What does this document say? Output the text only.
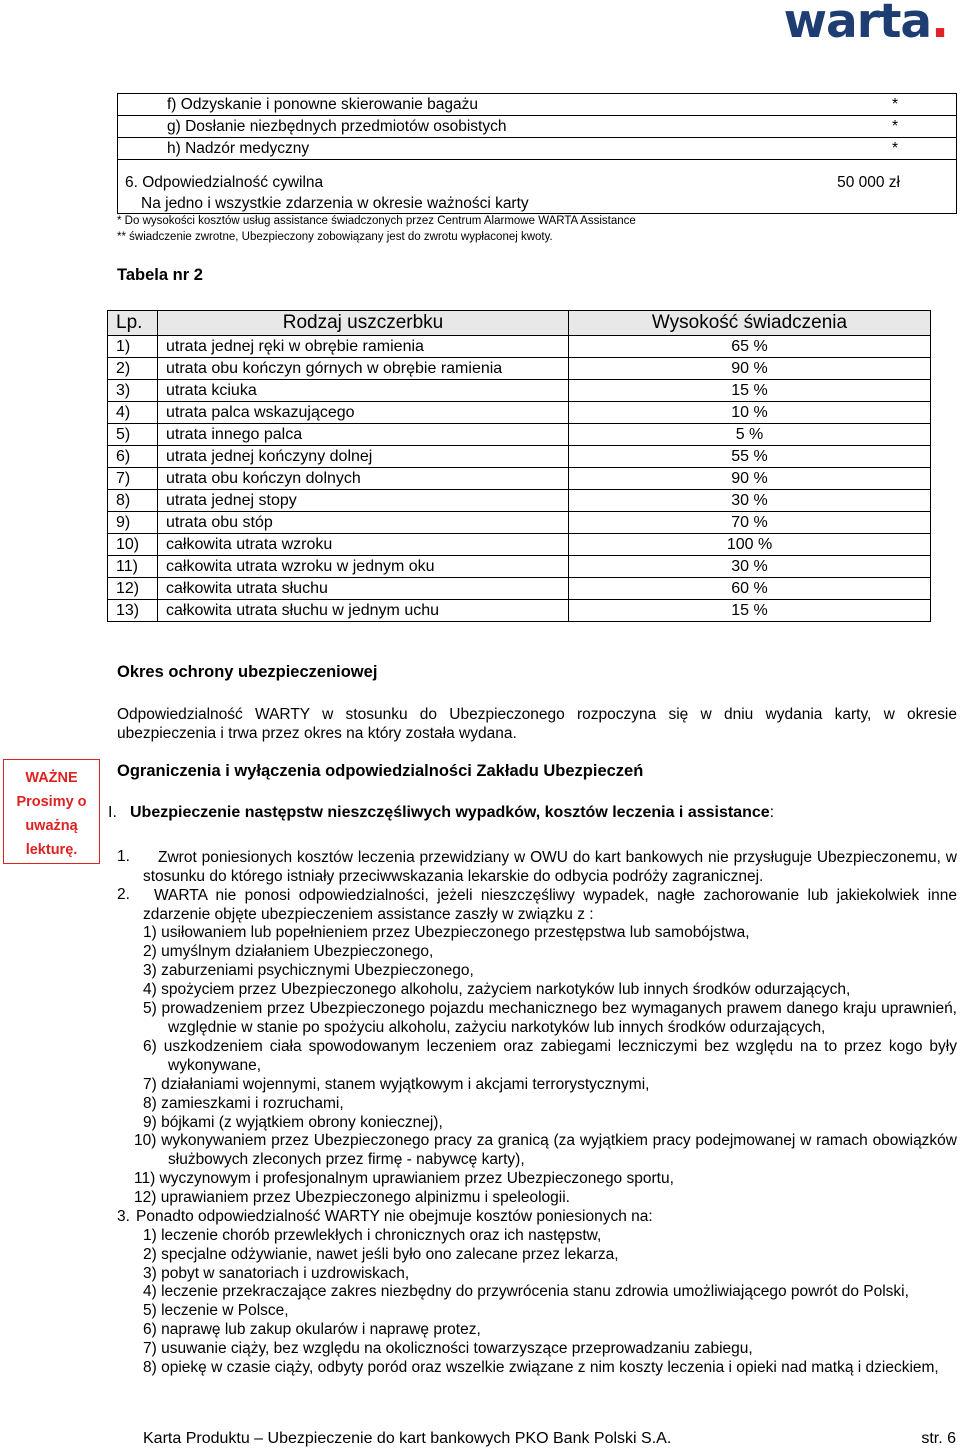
warta.
f) Odzyskanie i ponowne skierowanie bagażu	*
g) Dosłanie niezbędnych przedmiotów osobistych	*
h) Nadzór medyczny	*
6. Odpowiedzialność cywilna	50 000 zł
Na jedno i wszystkie zdarzenia w okresie ważności karty
* Do wysokości kosztów usług assistance świadczonych przez Centrum Alarmowe WARTA Assistance
** świadczenie zwrotne, Ubezpieczony zobowiązany jest do zwrotu wypłaconej kwoty.
Tabela nr 2
Lp.	Rodzaj uszczerbku	Wysokość świadczenia
1)	utrata jednej ręki w obrębie ramienia	65 %
2)	utrata obu kończyn górnych w obrębie ramienia	90 %
3)	utrata kciuka	15 %
4)	utrata palca wskazującego	10 %
5)	utrata innego palca	5 %
6)	utrata jednej kończyny dolnej	55 %
7)	utrata obu kończyn dolnych	90 %
8)	utrata jednej stopy	30 %
9)	utrata obu stóp	70 %
10)	całkowita utrata wzroku	100 %
11)	całkowita utrata wzroku w jednym oku	30 %
12)	całkowita utrata słuchu	60 %
13)	całkowita utrata słuchu w jednym uchu	15 %
Okres ochrony ubezpieczeniowej
Odpowiedzialność WARTY w stosunku do Ubezpieczonego rozpoczyna się w dniu wydania karty, w okresie ubezpieczenia i trwa przez okres na który została wydana.
WAŻNE
Prosimy o
uważną
lekturę.
Ograniczenia i wyłączenia odpowiedzialności Zakładu Ubezpieczeń
I. Ubezpieczenie następstw nieszczęśliwych wypadków, kosztów leczenia i assistance:
1.	Zwrot poniesionych kosztów leczenia przewidziany w OWU do kart bankowych nie przysługuje Ubezpieczonemu, w stosunku do którego istniały przeciwwskazania lekarskie do odbycia podróży zagranicznej.
2.	WARTA nie ponosi odpowiedzialności, jeżeli nieszczęśliwy wypadek, nagłe zachorowanie lub jakiekolwiek inne zdarzenie objęte ubezpieczeniem assistance zaszły w związku z :
1) usiłowaniem lub popełnieniem przez Ubezpieczonego przestępstwa lub samobójstwa,
2) umyślnym działaniem Ubezpieczonego,
3) zaburzeniami psychicznymi Ubezpieczonego,
4) spożyciem przez Ubezpieczonego alkoholu, zażyciem narkotyków lub innych środków odurzających,
5) prowadzeniem przez Ubezpieczonego pojazdu mechanicznego bez wymaganych prawem danego kraju uprawnień, względnie w stanie po spożyciu alkoholu, zażyciu narkotyków lub innych środków odurzających,
6) uszkodzeniem ciała spowodowanym leczeniem oraz zabiegami leczniczymi bez względu na to przez kogo były wykonywane,
7) działaniami wojennymi, stanem wyjątkowym i akcjami terrorystycznymi,
8) zamieszkami i rozruchami,
9) bójkami (z wyjątkiem obrony koniecznej),
10) wykonywaniem przez Ubezpieczonego pracy za granicą (za wyjątkiem pracy podejmowanej w ramach obowiązków służbowych zleconych przez firmę - nabywcę karty),
11) wyczynowym i profesjonalnym uprawianiem przez Ubezpieczonego sportu,
12) uprawianiem przez Ubezpieczonego alpinizmu i speleologii.
3. Ponadto odpowiedzialność WARTY nie obejmuje kosztów poniesionych na:
1) leczenie chorób przewlekłych i chronicznych oraz ich następstw,
2) specjalne odżywianie, nawet jeśli było ono zalecane przez lekarza,
3) pobyt w sanatoriach i uzdrowiskach,
4) leczenie przekraczające zakres niezbędny do przywrócenia stanu zdrowia umożliwiającego powrót do Polski,
5) leczenie w Polsce,
6) naprawę lub zakup okularów i naprawę protez,
7) usuwanie ciąży, bez względu na okoliczności towarzyszące przeprowadzaniu zabiegu,
8) opiekę w czasie ciąży, odbyty poród oraz wszelkie związane z nim koszty leczenia i opieki nad matką i dzieckiem,
Karta Produktu – Ubezpieczenie do kart bankowych PKO Bank Polski S.A.	str. 6
